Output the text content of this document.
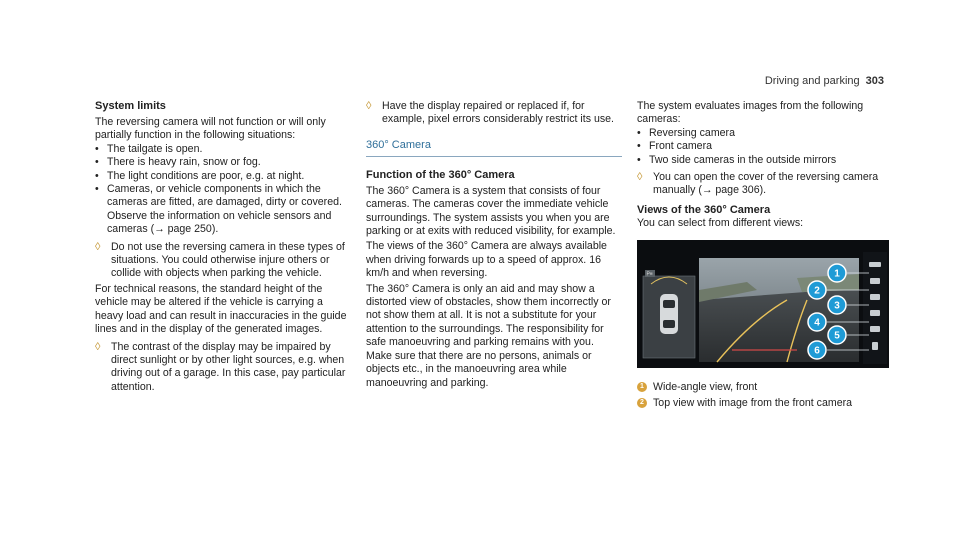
Driving and parking 303
System limits

The reversing camera will not function or will only partially function in the following situations:

• The tailgate is open.
• There is heavy rain, snow or fog.
• The light conditions are poor, e.g. at night.
• Cameras, or vehicle components in which the cameras are fitted, are damaged, dirty or covered. Observe the information on vehicle sensors and cameras (→ page 250).
◊ Do not use the reversing camera in these types of situations. You could otherwise injure others or collide with objects when parking the vehicle.

For technical reasons, the standard height of the vehicle may be altered if the vehicle is carrying a heavy load and can result in inaccuracies in the guide lines and in the display of the generated images.

◊ The contrast of the display may be impaired by direct sunlight or by other light sources, e.g. when driving out of a garage. In this case, pay particular attention.
◊ Have the display repaired or replaced if, for example, pixel errors considerably restrict its use.
360° Camera
Function of the 360° Camera

The 360° Camera is a system that consists of four cameras. The cameras cover the immediate vehicle surroundings. The system assists you when you are parking or at exits with reduced visibility, for example.

The views of the 360° Camera are always available when driving forwards up to a speed of approx. 16 km/h and when reversing.

The 360° Camera is only an aid and may show a distorted view of obstacles, show them incorrectly or not show them at all. It is not a substitute for your attention to the surroundings. The responsibility for safe manoeuvring and parking remains with you. Make sure that there are no persons, animals or objects etc., in the manoeuvring area while manoeuvring and parking.

The system evaluates images from the following cameras:

• Reversing camera
• Front camera
• Two side cameras in the outside mirrors
◊ You can open the cover of the reversing camera manually (→ page 306).
Views of the 360° Camera

You can select from different views:

P≡	1
2
3
4
5
6
1 Wide-angle view, front
2 Top view with image from the front camera
